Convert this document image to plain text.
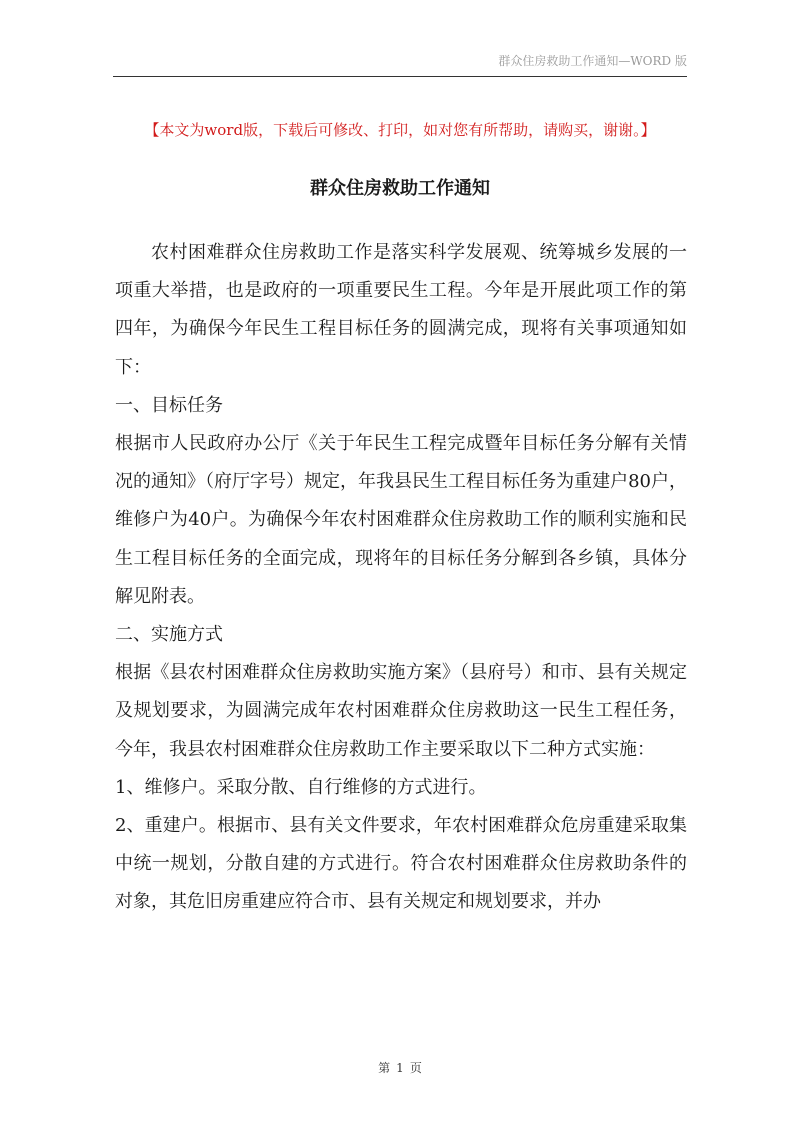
群众住房救助工作通知—WORD 版
【本文为word版，下载后可修改、打印，如对您有所帮助，请购买，谢谢。】
群众住房救助工作通知

农村困难群众住房救助工作是落实科学发展观、统筹城乡发展的一项重大举措，也是政府的一项重要民生工程。今年是开展此项工作的第四年，为确保今年民生工程目标任务的圆满完成，现将有关事项通知如下：

一、目标任务

根据市人民政府办公厅《关于年民生工程完成暨年目标任务分解有关情况的通知》（府厅字号）规定，年我县民生工程目标任务为重建户80户，维修户为40户。为确保今年农村困难群众住房救助工作的顺利实施和民生工程目标任务的全面完成，现将年的目标任务分解到各乡镇，具体分解见附表。

二、实施方式

根据《县农村困难群众住房救助实施方案》（县府号）和市、县有关规定及规划要求，为圆满完成年农村困难群众住房救助这一民生工程任务，今年，我县农村困难群众住房救助工作主要采取以下二种方式实施：

1、维修户。采取分散、自行维修的方式进行。

2、重建户。根据市、县有关文件要求，年农村困难群众危房重建采取集中统一规划，分散自建的方式进行。符合农村困难群众住房救助条件的对象，其危旧房重建应符合市、县有关规定和规划要求，并办

第 1 页
